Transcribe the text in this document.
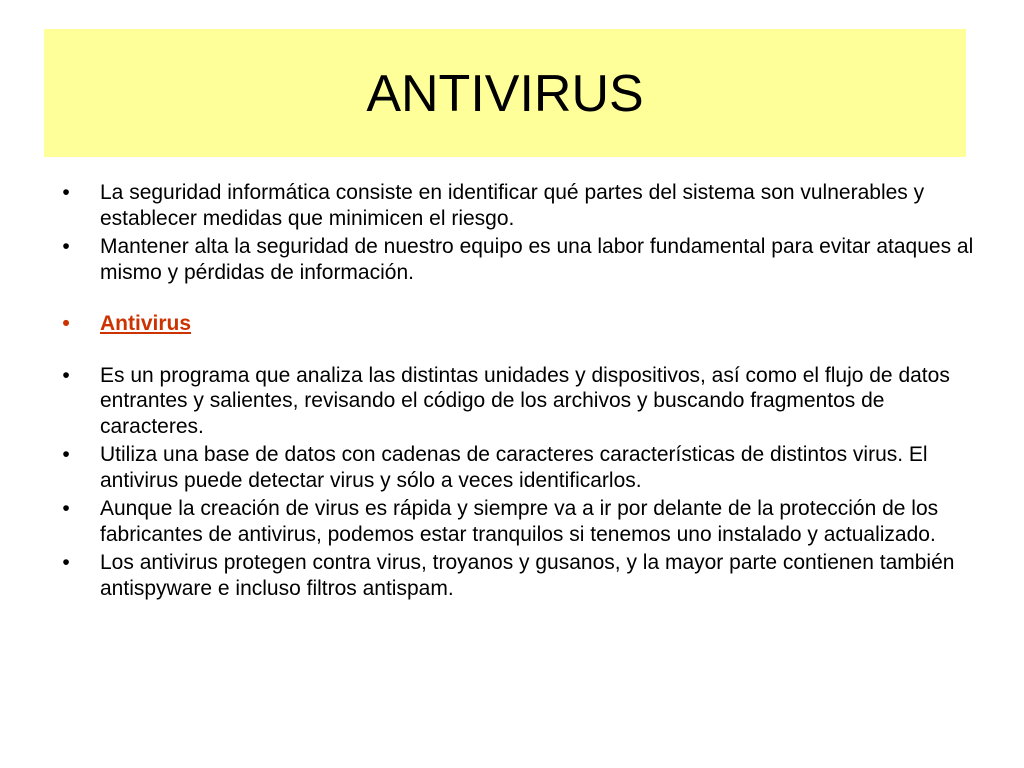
ANTIVIRUS
•	La seguridad informática consiste en identificar qué partes del sistema son vulnerables y establecer medidas que minimicen el riesgo.
•	Mantener alta la seguridad de nuestro equipo es una labor fundamental para evitar ataques al mismo y pérdidas de información.
•	Antivirus
•	Es un programa que analiza las distintas unidades y dispositivos, así como el flujo de datos entrantes y salientes, revisando el código de los archivos y buscando fragmentos de caracteres.
•	Utiliza una base de datos con cadenas de caracteres características de distintos virus. El antivirus puede detectar virus y sólo a veces identificarlos.
•	Aunque la creación de virus es rápida y siempre va a ir por delante de la protección de los fabricantes de antivirus, podemos estar tranquilos si tenemos uno instalado y actualizado.
•	Los antivirus protegen contra virus, troyanos y gusanos, y la mayor parte contienen también antispyware e incluso filtros antispam.
